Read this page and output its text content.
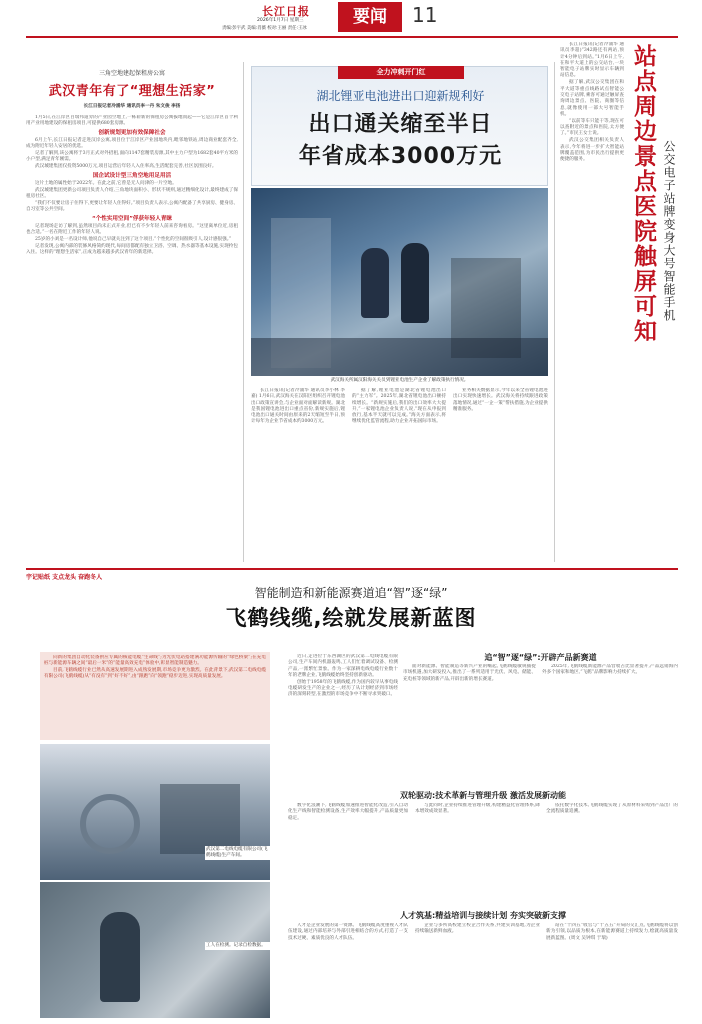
长江日报
2026年1月7日 星期三
责编:彭宇武 美编:肖薇 校对:王丽 责任:王冰
要闻	11
三角空地建起保租房公寓
武汉青年有了“理想生活家”
长江日报记者冷涌华 通讯员李一丹 朱文俊 李扬

1月5日,在江岸区百瑞邦道旁的产业园空地上,一栋崭新的保租房公寓拔地而起——它是江岸区首个利用产业用地建设的保租房项目,可提供680套房源。

创新规划更加有效保障社会

6月上午,长江日报记者走进汉岸公寓,项目位于江岸区产业园地块内,毗邻地铁站,周边商业配套齐全,成为附近年轻人安居的优选。

记者了解到,该公寓将于3月正式对外招租,面向1147套精装房源,其中主力户型为1682套40平方米的小户型,满足青年刚需。

武汉城建集团仅投资5000万元,项目运营后年轻人入住率高,生活配套完善,社区氛围良好。

国企试设计型三角空地用足用活

这片土地的属性始于2022年。在此之前,它曾是无人问津的一片空地。

武汉城建集团更新公司项目负责人介绍,三角地块面积小、形状不规则,通过精细化设计,最终建成了保租房社区。

“我们不仅要让房子住得下,更要让年轻人住得好。”项目负责人表示,公寓内配备了共享厨房、健身房、自习室等公共空间。

“个性实用空间”俘获年轻人青睐

记者现场走访了解到,虽然项目尚未正式开业,但已有不少年轻人前来咨询看房。“这里离单位近,房租也合适。”一名在附近工作的年轻人说。

25岁的小刘是一名设计师,他说自己早就关注到了这个项目,“个性化的空间很吸引人,设计感很强。”

记者发现,公寓内部的装修风格简约现代,每间房都配有独立卫浴、空调、热水器等基本设施,实现拎包入住。这样的“理想生活家”,正成为越来越多武汉青年的新选择。

全力冲刺开门红
湖北锂亚电池进出口迎新规利好
出口通关缩至半日
年省成本3000万元
武汉海关所属汉阳海关关员到锂亚电池生产企业了解政策执行情况。

长江日报讯(记者冷涌华 通讯员李小林 李嘉) 1月6日,武汉海关在汉阳区组织召开锂电池出口政策宣讲会,与企业面对面解读新规。湖北是我国锂电池进出口重点省份,新规实施后,锂电池出口通关时间由原来的2天缩短至半日,预计每年为企业节省成本约3000万元。

据了解,锂亚电池是湖北省锂电池出口的“主力军”。2025年,湖北省锂电池出口额持续增长。“新规实施后,我们的出口效率大大提升,”一家锂电池企业负责人说,“现在从申报到放行,基本半天就可以完成。”海关方面表示,将继续优化监管流程,助力企业开拓国际市场。

业务相关数据显示,今年以来全省锂电池进出口实现快速增长。武汉海关将持续跟进政策落地情况,通过“一企一策”帮扶措施,为企业提供精准服务。

长江日报讯(记者冷涌华 通讯员李超)“342路还有两站,预计4分钟后到站。”1月6日上午,在和平大道上的公交站台,一块智能电子站牌实时显示车辆到站信息。

据了解,武汉公交集团在和平大道等重点线路试点智能公交电子站牌,乘客可通过触屏查询周边景点、医院、商圈等信息,就像使用一部大号智能手机。

“以前等车只能干等,现在可以查附近的景点和医院,太方便了。”市民王女士说。

武汉公交集团相关负责人表示,今年将进一步扩大智能站牌覆盖范围,为市民出行提供更便捷的服务。	站点周边景点医院触屏可知 公交电子站牌变身大号智能手机
宇记贴纸 支点龙头 奋跑冬人
智能制造和新能源赛道追“智”逐“绿”
飞鹤线缆,绘就发展新蓝图

向新的集团自动化装备供应专属的核能电缆“生命线”;为光伏电站搭建满功能源传输的“绿色桥梁”;在充电桩与新能源车辆之间“最后一米”的“能量高效充电”体验中,彰显智能制造魅力。

目前,飞鹤线缆行业已然从高速发展期进入成熟发展期,市场竞争更为激烈。在此背景下,武汉第二电线电缆有限公司(飞鹤线缆)从“有没有”到“好不好”,由“跟跑”向“领跑”稳步迈进,实现高质量发展。

武汉第二电线电缆有限公司(飞鹤线缆)生产车间。
工人在检测。记录自检数据。

近日,走进位于东西湖区的武汉第二电线电缆有限公司,生产车间内机器轰鸣,工人们忙着调试设备、检测产品,一派繁忙景象。作为一家深耕电线电缆行业数十年的老牌企业,飞鹤线缆始终坚持创新驱动。

创始于1958年的飞鹤线缆,作为国内较早从事电线电缆研发生产的企业之一,经历了从计划经济到市场经济的深刻转型,在激烈的市场竞争中不断寻求突破口。

追“智”逐“绿”:开辟产品新赛道

面对新能源、智能制造等新兴产业的崛起,飞鹤线缆敏锐捕捉市场机遇,加大研发投入,推出了一系列适用于光伏、风电、储能、充电桩等领域的新产品,开辟出新的增长赛道。

2025年,飞鹤线缆新能源产品营收占比显著提升,产品远销海内外多个国家和地区,“飞鹤”品牌影响力持续扩大。

双轮驱动:技术革新与管理升级 激活发展新动能

数字化浪潮下,飞鹤线缆加速推进智能化改造,引入自动化生产线和智能检测设备,生产效率大幅提升,产品质量更加稳定。

与此同时,企业持续推进管理升级,构建精益化管理体系,降本增效成效显著。

依托数字化技术,飞鹤线缆实现了从原材料采购到产品出厂的全流程质量追溯。

人才筑基:精益培训与接续计划 夯实突破新支撑

人才是企业发展的第一资源。飞鹤线缆高度重视人才队伍建设,通过内部培养与外部引进相结合的方式,打造了一支技术过硬、素质优良的人才队伍。

企业与多所高校建立校企合作关系,共建实训基地,为企业持续输送新鲜血液。

站在“十四五”收官与“十五五”开局的交汇点,飞鹤线缆将以创新为引领,以品质为根本,在新能源赛道上持续发力,绘就高质量发展新蓝图。(周文 吴钟琪 于瑞)
